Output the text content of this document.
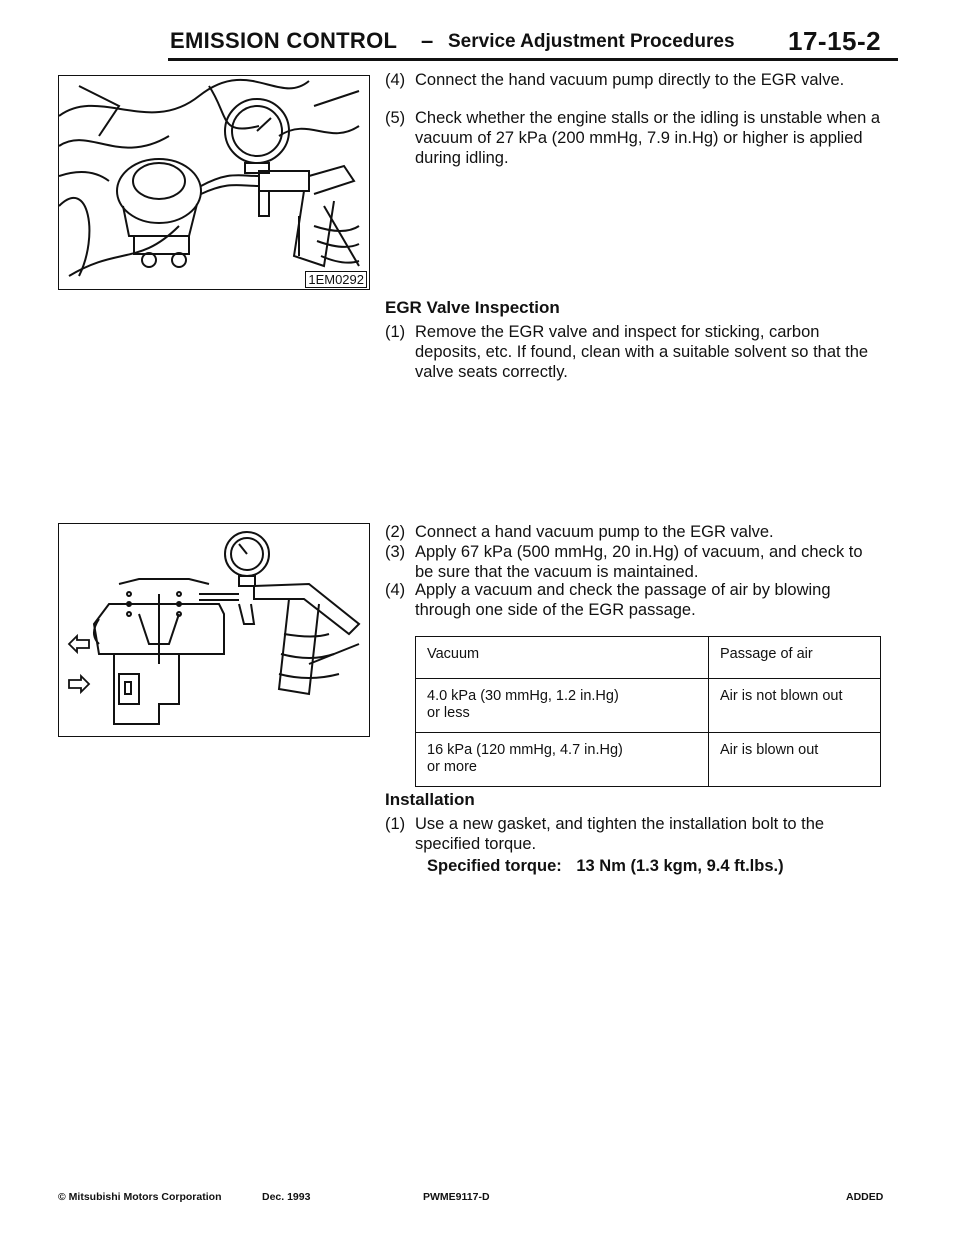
EMISSION CONTROL – Service Adjustment Procedures 17-15-2
1EM0292
(4) Connect the hand vacuum pump directly to the EGR valve.
(5) Check whether the engine stalls or the idling is unstable when a vacuum of 27 kPa (200 mmHg, 7.9 in.Hg) or higher is applied during idling.
EGR Valve Inspection
(1) Remove the EGR valve and inspect for sticking, carbon deposits, etc. If found, clean with a suitable solvent so that the valve seats correctly.
(2) Connect a hand vacuum pump to the EGR valve.
(3) Apply 67 kPa (500 mmHg, 20 in.Hg) of vacuum, and check to be sure that the vacuum is maintained.
(4) Apply a vacuum and check the passage of air by blowing through one side of the EGR passage.
Vacuum	Passage of air

4.0 kPa (30 mmHg, 1.2 in.Hg)
or less	Air is not blown out

16 kPa (120 mmHg, 4.7 in.Hg)
or more	Air is blown out
Installation
(1) Use a new gasket, and tighten the installation bolt to the specified torque.
Specified torque: 13 Nm (1.3 kgm, 9.4 ft.lbs.)
© Mitsubishi Motors Corporation	Dec. 1993	PWME9117-D	ADDED
